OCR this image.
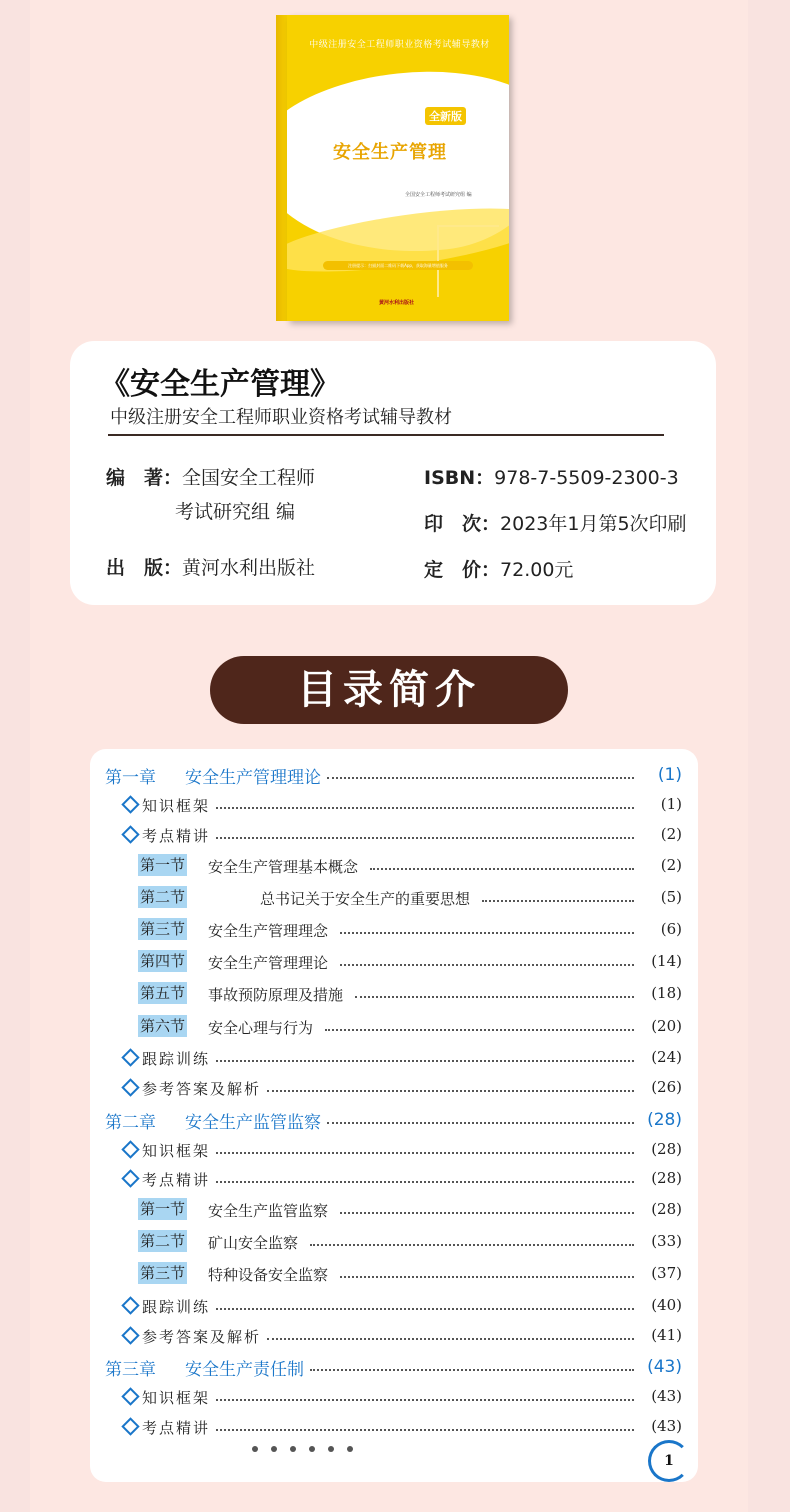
中级注册安全工程师职业资格考试辅导教材
全新版
安全生产管理
全国安全工程师考试研究组 编
注册提示：扫描封面二维码下载App，获取海量增值服务
黄河水利出版社
《安全生产管理》
中级注册安全工程师职业资格考试辅导教材
编　著：全国安全工程师
考试研究组 编
出　版：黄河水利出版社
ISBN：978-7-5509-2300-3
印　次：2023年1月第5次印刷
定　价：72.00元
目录简介
第一章 安全生产管理理论	(1)
知识框架	(1)
考点精讲	(2)
第一节 安全生产管理基本概念	(2)
第二节	总书记关于安全生产的重要思想	(5)
第三节 安全生产管理理念	(6)
第四节 安全生产管理理论	(14)
第五节 事故预防原理及措施	(18)
第六节 安全心理与行为	(20)
跟踪训练	(24)
参考答案及解析	(26)
第二章 安全生产监管监察	(28)
知识框架	(28)
考点精讲	(28)
第一节 安全生产监管监察	(28)
第二节 矿山安全监察	(33)
第三节 特种设备安全监察	(37)
跟踪训练	(40)
参考答案及解析	(41)
第三章 安全生产责任制	(43)
知识框架	(43)
考点精讲	(43)
1
